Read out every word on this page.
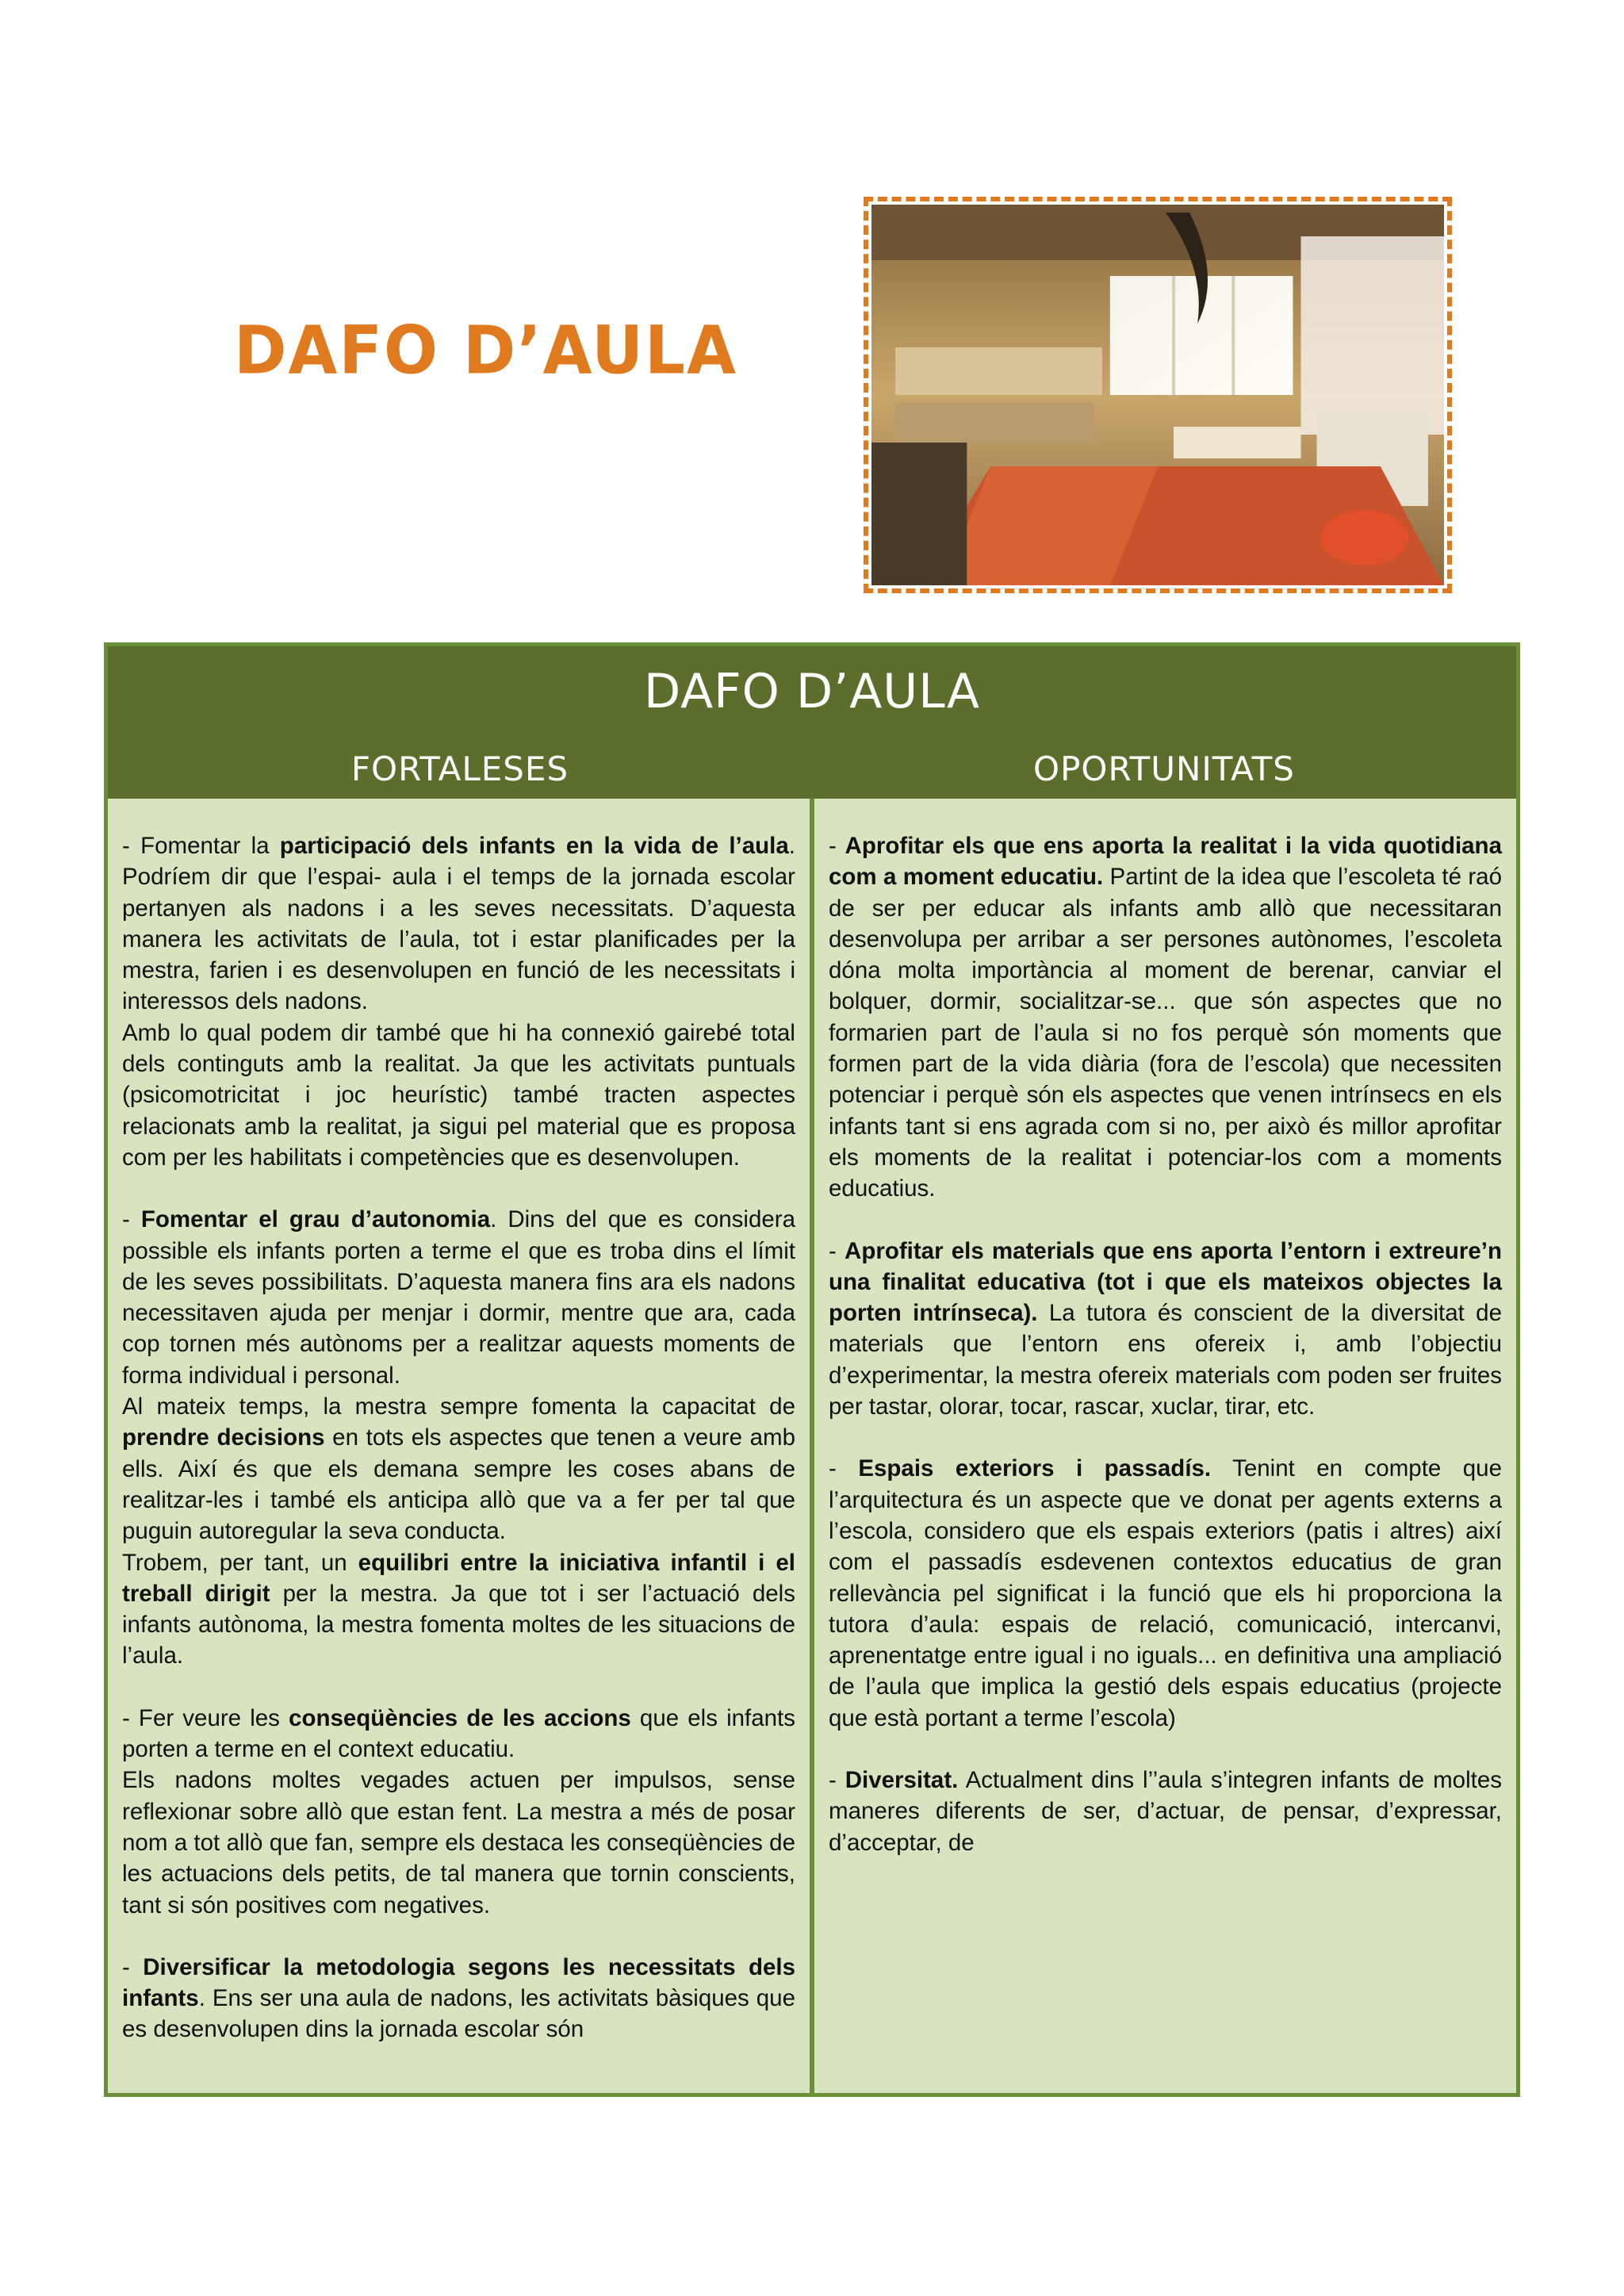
DAFO D’AULA
DAFO D’AULA
FORTALESES	OPORTUNITATS

- Fomentar la participació dels infants en la vida de l’aula. Podríem dir que l’espai- aula i el temps de la jornada escolar pertanyen als nadons i a les seves necessitats. D’aquesta manera les activitats de l’aula, tot i estar planificades per la mestra, farien i es desenvolupen en funció de les necessitats i interessos dels nadons.

Amb lo qual podem dir també que hi ha connexió gairebé total dels continguts amb la realitat. Ja que les activitats puntuals (psicomotricitat i joc heurístic) també tracten aspectes relacionats amb la realitat, ja sigui pel material que es proposa com per les habilitats i competències que es desenvolupen.

- Fomentar el grau d’autonomia. Dins del que es considera possible els infants porten a terme el que es troba dins el límit de les seves possibilitats. D’aquesta manera fins ara els nadons necessitaven ajuda per menjar i dormir, mentre que ara, cada cop tornen més autònoms per a realitzar aquests moments de forma individual i personal.

Al mateix temps, la mestra sempre fomenta la capacitat de prendre decisions en tots els aspectes que tenen a veure amb ells. Així és que els demana sempre les coses abans de realitzar-les i també els anticipa allò que va a fer per tal que puguin autoregular la seva conducta.

Trobem, per tant, un equilibri entre la iniciativa infantil i el treball dirigit per la mestra. Ja que tot i ser l’actuació dels infants autònoma, la mestra fomenta moltes de les situacions de l’aula.

- Fer veure les conseqüències de les accions que els infants porten a terme en el context educatiu.

Els nadons moltes vegades actuen per impulsos, sense reflexionar sobre allò que estan fent. La mestra a més de posar nom a tot allò que fan, sempre els destaca les conseqüències de les actuacions dels petits, de tal manera que tornin conscients, tant si són positives com negatives.

- Diversificar la metodologia segons les necessitats dels infants. Ens ser una aula de nadons, les activitats bàsiques que es desenvolupen dins la jornada escolar són

- Aprofitar els que ens aporta la realitat i la vida quotidiana com a moment educatiu. Partint de la idea que l’escoleta té raó de ser per educar als infants amb allò que necessitaran desenvolupa per arribar a ser persones autònomes, l’escoleta dóna molta importància al moment de berenar, canviar el bolquer, dormir, socialitzar-se... que són aspectes que no formarien part de l’aula si no fos perquè són moments que formen part de la vida diària (fora de l’escola) que necessiten potenciar i perquè són els aspectes que venen intrínsecs en els infants tant si ens agrada com si no, per això és millor aprofitar els moments de la realitat i potenciar-los com a moments educatius.

- Aprofitar els materials que ens aporta l’entorn i extreure’n una finalitat educativa (tot i que els mateixos objectes la porten intrínseca). La tutora és conscient de la diversitat de materials que l’entorn ens ofereix i, amb l’objectiu d’experimentar, la mestra ofereix materials com poden ser fruites per tastar, olorar, tocar, rascar, xuclar, tirar, etc.

- Espais exteriors i passadís. Tenint en compte que l’arquitectura és un aspecte que ve donat per agents externs a l’escola, considero que els espais exteriors (patis i altres) així com el passadís esdevenen contextos educatius de gran rellevància pel significat i la funció que els hi proporciona la tutora d’aula: espais de relació, comunicació, intercanvi, aprenentatge entre igual i no iguals... en definitiva una ampliació de l’aula que implica la gestió dels espais educatius (projecte que està portant a terme l’escola)

- Diversitat. Actualment dins l’’aula s’integren infants de moltes maneres diferents de ser, d’actuar, de pensar, d’expressar, d’acceptar, de
